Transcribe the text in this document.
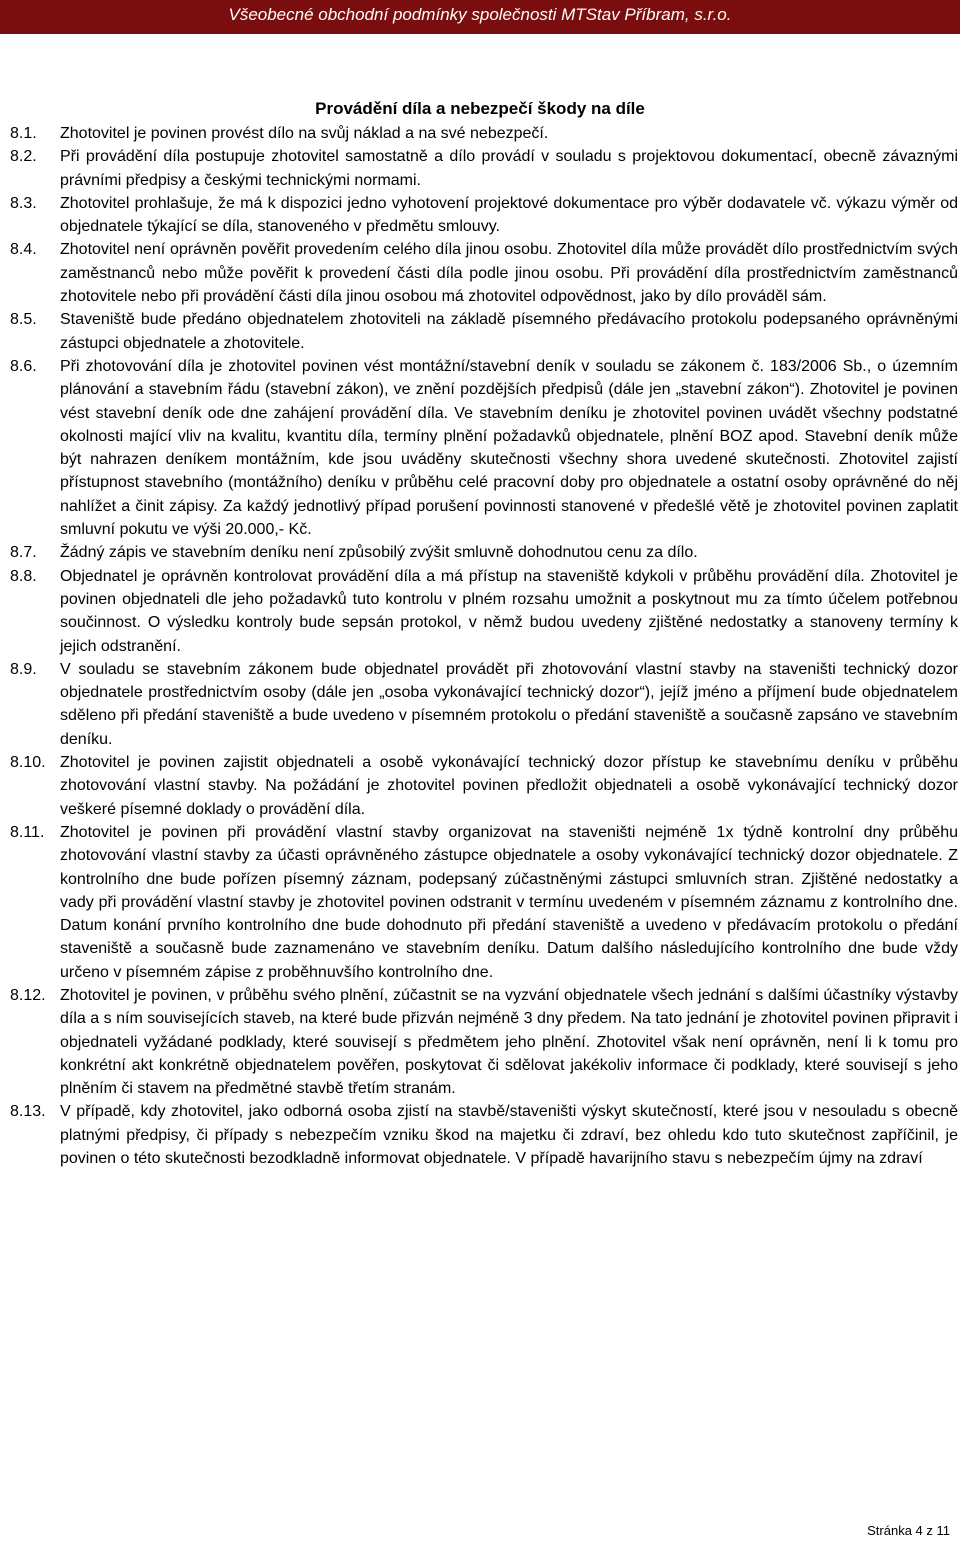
Všeobecné obchodní podmínky společnosti MTStav Příbram, s.r.o.
Provádění díla a nebezpečí škody na díle
8.1.	Zhotovitel je povinen provést dílo na svůj náklad a na své nebezpečí.
8.2.	Při provádění díla postupuje zhotovitel samostatně a dílo provádí v souladu s projektovou dokumentací, obecně závaznými právními předpisy a českými technickými normami.
8.3.	Zhotovitel prohlašuje, že má k dispozici jedno vyhotovení projektové dokumentace pro výběr dodavatele vč. výkazu výměr od objednatele týkající se díla, stanoveného v předmětu smlouvy.
8.4.	Zhotovitel není oprávněn pověřit provedením celého díla jinou osobu. Zhotovitel díla může provádět dílo prostřednictvím svých zaměstnanců nebo může pověřit k provedení části díla podle jinou osobu. Při provádění díla prostřednictvím zaměstnanců zhotovitele nebo při provádění části díla jinou osobou má zhotovitel odpovědnost, jako by dílo prováděl sám.
8.5.	Staveniště bude předáno objednatelem zhotoviteli na základě písemného předávacího protokolu podepsaného oprávněnými zástupci objednatele a zhotovitele.
8.6.	Při zhotovování díla je zhotovitel povinen vést montážní/stavební deník v souladu se zákonem č. 183/2006 Sb., o územním plánování a stavebním řádu (stavební zákon), ve znění pozdějších předpisů (dále jen „stavební zákon“). Zhotovitel je povinen vést stavební deník ode dne zahájení provádění díla. Ve stavebním deníku je zhotovitel povinen uvádět všechny podstatné okolnosti mající vliv na kvalitu, kvantitu díla, termíny plnění požadavků objednatele, plnění BOZ apod. Stavební deník může být nahrazen deníkem montážním, kde jsou uváděny skutečnosti všechny shora uvedené skutečnosti. Zhotovitel zajistí přístupnost stavebního (montážního) deníku v průběhu celé pracovní doby pro objednatele a ostatní osoby oprávněné do něj nahlížet a činit zápisy. Za každý jednotlivý případ porušení povinnosti stanovené v předešlé větě je zhotovitel povinen zaplatit smluvní pokutu ve výši 20.000,- Kč.
8.7.	Žádný zápis ve stavebním deníku není způsobilý zvýšit smluvně dohodnutou cenu za dílo.
8.8.	Objednatel je oprávněn kontrolovat provádění díla a má přístup na staveniště kdykoli v průběhu provádění díla. Zhotovitel je povinen objednateli dle jeho požadavků tuto kontrolu v plném rozsahu umožnit a poskytnout mu za tímto účelem potřebnou součinnost. O výsledku kontroly bude sepsán protokol, v němž budou uvedeny zjištěné nedostatky a stanoveny termíny k jejich odstranění.
8.9.	V souladu se stavebním zákonem bude objednatel provádět při zhotovování vlastní stavby na staveništi technický dozor objednatele prostřednictvím osoby (dále jen „osoba vykonávající technický dozor“), jejíž jméno a příjmení bude objednatelem sděleno při předání staveniště a bude uvedeno v písemném protokolu o předání staveniště a současně zapsáno ve stavebním deníku.
8.10. Zhotovitel je povinen zajistit objednateli a osobě vykonávající technický dozor přístup ke stavebnímu deníku v průběhu zhotovování vlastní stavby. Na požádání je zhotovitel povinen předložit objednateli a osobě vykonávající technický dozor veškeré písemné doklady o provádění díla.
8.11. Zhotovitel je povinen při provádění vlastní stavby organizovat na staveništi nejméně 1x týdně kontrolní dny průběhu zhotovování vlastní stavby za účasti oprávněného zástupce objednatele a osoby vykonávající technický dozor objednatele. Z kontrolního dne bude pořízen písemný záznam, podepsaný zúčastněnými zástupci smluvních stran. Zjištěné nedostatky a vady při provádění vlastní stavby je zhotovitel povinen odstranit v termínu uvedeném v písemném záznamu z kontrolního dne. Datum konání prvního kontrolního dne bude dohodnuto při předání staveniště a uvedeno v předávacím protokolu o předání staveniště a současně bude zaznamenáno ve stavebním deníku. Datum dalšího následujícího kontrolního dne bude vždy určeno v písemném zápise z proběhnuvšího kontrolního dne.
8.12. Zhotovitel je povinen, v průběhu svého plnění, zúčastnit se na vyzvání objednatele všech jednání s dalšími účastníky výstavby díla a s ním souvisejících staveb, na které bude přizván nejméně 3 dny předem. Na tato jednání je zhotovitel povinen připravit i objednateli vyžádané podklady, které souvisejí s předmětem jeho plnění. Zhotovitel však není oprávněn, není li k tomu pro konkrétní akt konkrétně objednatelem pověřen, poskytovat či sdělovat jakékoliv informace či podklady, které souvisejí s jeho plněním či stavem na předmětné stavbě třetím stranám.
8.13. V případě, kdy zhotovitel, jako odborná osoba zjistí na stavbě/staveništi výskyt skutečností, které jsou v nesouladu s obecně platnými předpisy, či případy s nebezpečím vzniku škod na majetku či zdraví, bez ohledu kdo tuto skutečnost zapříčinil, je povinen o této skutečnosti bezodkladně informovat objednatele. V případě havarijního stavu s nebezpečím újmy na zdraví
Stránka 4 z 11
